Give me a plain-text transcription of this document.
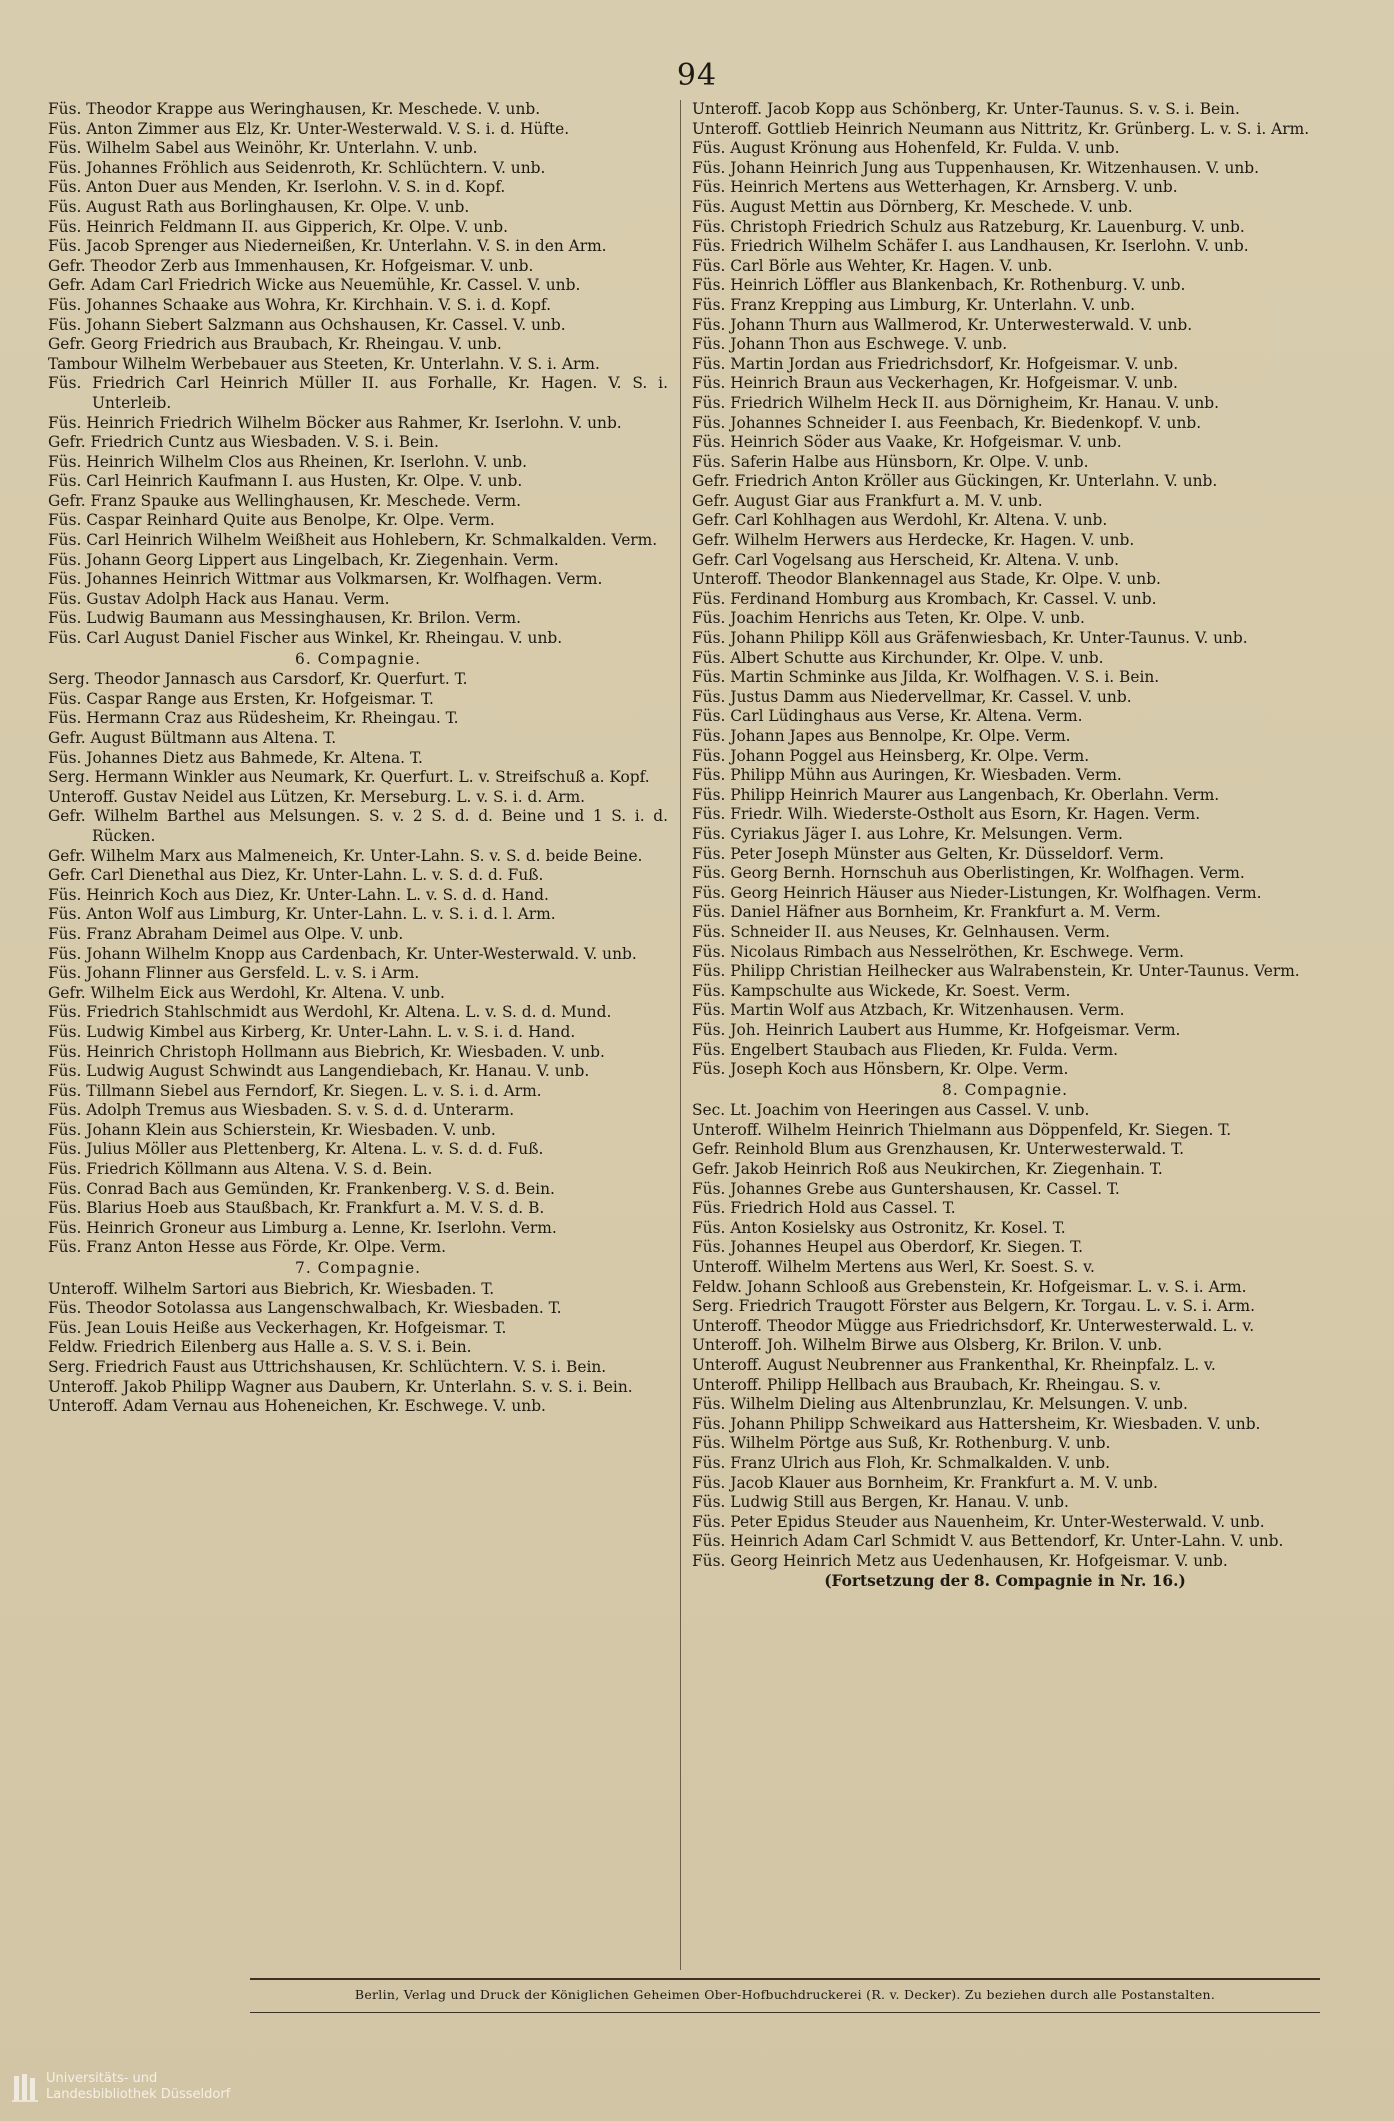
94
Füs. Theodor Krappe aus Weringhausen, Kr. Meschede. V. unb.
Füs. Anton Zimmer aus Elz, Kr. Unter-Westerwald. V. S. i. d. Hüfte.
Füs. Wilhelm Sabel aus Weinöhr, Kr. Unterlahn. V. unb.
Füs. Johannes Fröhlich aus Seidenroth, Kr. Schlüchtern. V. unb.
Füs. Anton Duer aus Menden, Kr. Iserlohn. V. S. in d. Kopf.
Füs. August Rath aus Borlinghausen, Kr. Olpe. V. unb.
Füs. Heinrich Feldmann II. aus Gipperich, Kr. Olpe. V. unb.
Füs. Jacob Sprenger aus Niederneißen, Kr. Unterlahn. V. S. in den Arm.
Gefr. Theodor Zerb aus Immenhausen, Kr. Hofgeismar. V. unb.
Gefr. Adam Carl Friedrich Wicke aus Neuemühle, Kr. Cassel. V. unb.
Füs. Johannes Schaake aus Wohra, Kr. Kirchhain. V. S. i. d. Kopf.
Füs. Johann Siebert Salzmann aus Ochshausen, Kr. Cassel. V. unb.
Gefr. Georg Friedrich aus Braubach, Kr. Rheingau. V. unb.
Tambour Wilhelm Werbebauer aus Steeten, Kr. Unterlahn. V. S. i. Arm.
Füs. Friedrich Carl Heinrich Müller II. aus Forhalle, Kr. Hagen. V. S. i. Unterleib.
Füs. Heinrich Friedrich Wilhelm Böcker aus Rahmer, Kr. Iserlohn. V. unb.
Gefr. Friedrich Cuntz aus Wiesbaden. V. S. i. Bein.
Füs. Heinrich Wilhelm Clos aus Rheinen, Kr. Iserlohn. V. unb.
Füs. Carl Heinrich Kaufmann I. aus Husten, Kr. Olpe. V. unb.
Gefr. Franz Spauke aus Wellinghausen, Kr. Meschede. Verm.
Füs. Caspar Reinhard Quite aus Benolpe, Kr. Olpe. Verm.
Füs. Carl Heinrich Wilhelm Weißheit aus Hohlebern, Kr. Schmalkalden. Verm.
Füs. Johann Georg Lippert aus Lingelbach, Kr. Ziegenhain. Verm.
Füs. Johannes Heinrich Wittmar aus Volkmarsen, Kr. Wolfhagen. Verm.
Füs. Gustav Adolph Hack aus Hanau. Verm.
Füs. Ludwig Baumann aus Messinghausen, Kr. Brilon. Verm.
Füs. Carl August Daniel Fischer aus Winkel, Kr. Rheingau. V. unb.
6. Compagnie.
Serg. Theodor Jannasch aus Carsdorf, Kr. Querfurt. T.
Füs. Caspar Range aus Ersten, Kr. Hofgeismar. T.
Füs. Hermann Craz aus Rüdesheim, Kr. Rheingau. T.
Gefr. August Bültmann aus Altena. T.
Füs. Johannes Dietz aus Bahmede, Kr. Altena. T.
Serg. Hermann Winkler aus Neumark, Kr. Querfurt. L. v. Streifschuß a. Kopf.
Unteroff. Gustav Neidel aus Lützen, Kr. Merseburg. L. v. S. i. d. Arm.
Gefr. Wilhelm Barthel aus Melsungen. S. v. 2 S. d. d. Beine und 1 S. i. d. Rücken.
Gefr. Wilhelm Marx aus Malmeneich, Kr. Unter-Lahn. S. v. S. d. beide Beine.
Gefr. Carl Dienethal aus Diez, Kr. Unter-Lahn. L. v. S. d. d. Fuß.
Füs. Heinrich Koch aus Diez, Kr. Unter-Lahn. L. v. S. d. d. Hand.
Füs. Anton Wolf aus Limburg, Kr. Unter-Lahn. L. v. S. i. d. l. Arm.
Füs. Franz Abraham Deimel aus Olpe. V. unb.
Füs. Johann Wilhelm Knopp aus Cardenbach, Kr. Unter-Westerwald. V. unb.
Füs. Johann Flinner aus Gersfeld. L. v. S. i Arm.
Gefr. Wilhelm Eick aus Werdohl, Kr. Altena. V. unb.
Füs. Friedrich Stahlschmidt aus Werdohl, Kr. Altena. L. v. S. d. d. Mund.
Füs. Ludwig Kimbel aus Kirberg, Kr. Unter-Lahn. L. v. S. i. d. Hand.
Füs. Heinrich Christoph Hollmann aus Biebrich, Kr. Wiesbaden. V. unb.
Füs. Ludwig August Schwindt aus Langendiebach, Kr. Hanau. V. unb.
Füs. Tillmann Siebel aus Ferndorf, Kr. Siegen. L. v. S. i. d. Arm.
Füs. Adolph Tremus aus Wiesbaden. S. v. S. d. d. Unterarm.
Füs. Johann Klein aus Schierstein, Kr. Wiesbaden. V. unb.
Füs. Julius Möller aus Plettenberg, Kr. Altena. L. v. S. d. d. Fuß.
Füs. Friedrich Köllmann aus Altena. V. S. d. Bein.
Füs. Conrad Bach aus Gemünden, Kr. Frankenberg. V. S. d. Bein.
Füs. Blarius Hoeb aus Staußbach, Kr. Frankfurt a. M. V. S. d. B.
Füs. Heinrich Groneur aus Limburg a. Lenne, Kr. Iserlohn. Verm.
Füs. Franz Anton Hesse aus Förde, Kr. Olpe. Verm.
7. Compagnie.
Unteroff. Wilhelm Sartori aus Biebrich, Kr. Wiesbaden. T.
Füs. Theodor Sotolassa aus Langenschwalbach, Kr. Wiesbaden. T.
Füs. Jean Louis Heiße aus Veckerhagen, Kr. Hofgeismar. T.
Feldw. Friedrich Eilenberg aus Halle a. S. V. S. i. Bein.
Serg. Friedrich Faust aus Uttrichshausen, Kr. Schlüchtern. V. S. i. Bein.
Unteroff. Jakob Philipp Wagner aus Daubern, Kr. Unterlahn. S. v. S. i. Bein.
Unteroff. Adam Vernau aus Hoheneichen, Kr. Eschwege. V. unb.
Unteroff. Jacob Kopp aus Schönberg, Kr. Unter-Taunus. S. v. S. i. Bein.
Unteroff. Gottlieb Heinrich Neumann aus Nittritz, Kr. Grünberg. L. v. S. i. Arm.
Füs. August Krönung aus Hohenfeld, Kr. Fulda. V. unb.
Füs. Johann Heinrich Jung aus Tuppenhausen, Kr. Witzenhausen. V. unb.
Füs. Heinrich Mertens aus Wetterhagen, Kr. Arnsberg. V. unb.
Füs. August Mettin aus Dörnberg, Kr. Meschede. V. unb.
Füs. Christoph Friedrich Schulz aus Ratzeburg, Kr. Lauenburg. V. unb.
Füs. Friedrich Wilhelm Schäfer I. aus Landhausen, Kr. Iserlohn. V. unb.
Füs. Carl Börle aus Wehter, Kr. Hagen. V. unb.
Füs. Heinrich Löffler aus Blankenbach, Kr. Rothenburg. V. unb.
Füs. Franz Krepping aus Limburg, Kr. Unterlahn. V. unb.
Füs. Johann Thurn aus Wallmerod, Kr. Unterwesterwald. V. unb.
Füs. Johann Thon aus Eschwege. V. unb.
Füs. Martin Jordan aus Friedrichsdorf, Kr. Hofgeismar. V. unb.
Füs. Heinrich Braun aus Veckerhagen, Kr. Hofgeismar. V. unb.
Füs. Friedrich Wilhelm Heck II. aus Dörnigheim, Kr. Hanau. V. unb.
Füs. Johannes Schneider I. aus Feenbach, Kr. Biedenkopf. V. unb.
Füs. Heinrich Söder aus Vaake, Kr. Hofgeismar. V. unb.
Füs. Saferin Halbe aus Hünsborn, Kr. Olpe. V. unb.
Gefr. Friedrich Anton Kröller aus Gückingen, Kr. Unterlahn. V. unb.
Gefr. August Giar aus Frankfurt a. M. V. unb.
Gefr. Carl Kohlhagen aus Werdohl, Kr. Altena. V. unb.
Gefr. Wilhelm Herwers aus Herdecke, Kr. Hagen. V. unb.
Gefr. Carl Vogelsang aus Herscheid, Kr. Altena. V. unb.
Unteroff. Theodor Blankennagel aus Stade, Kr. Olpe. V. unb.
Füs. Ferdinand Homburg aus Krombach, Kr. Cassel. V. unb.
Füs. Joachim Henrichs aus Teten, Kr. Olpe. V. unb.
Füs. Johann Philipp Köll aus Gräfenwiesbach, Kr. Unter-Taunus. V. unb.
Füs. Albert Schutte aus Kirchunder, Kr. Olpe. V. unb.
Füs. Martin Schminke aus Jilda, Kr. Wolfhagen. V. S. i. Bein.
Füs. Justus Damm aus Niedervellmar, Kr. Cassel. V. unb.
Füs. Carl Lüdinghaus aus Verse, Kr. Altena. Verm.
Füs. Johann Japes aus Bennolpe, Kr. Olpe. Verm.
Füs. Johann Poggel aus Heinsberg, Kr. Olpe. Verm.
Füs. Philipp Mühn aus Auringen, Kr. Wiesbaden. Verm.
Füs. Philipp Heinrich Maurer aus Langenbach, Kr. Oberlahn. Verm.
Füs. Friedr. Wilh. Wiederste-Ostholt aus Esorn, Kr. Hagen. Verm.
Füs. Cyriakus Jäger I. aus Lohre, Kr. Melsungen. Verm.
Füs. Peter Joseph Münster aus Gelten, Kr. Düsseldorf. Verm.
Füs. Georg Bernh. Hornschuh aus Oberlistingen, Kr. Wolfhagen. Verm.
Füs. Georg Heinrich Häuser aus Nieder-Listungen, Kr. Wolfhagen. Verm.
Füs. Daniel Häfner aus Bornheim, Kr. Frankfurt a. M. Verm.
Füs. Schneider II. aus Neuses, Kr. Gelnhausen. Verm.
Füs. Nicolaus Rimbach aus Nesselröthen, Kr. Eschwege. Verm.
Füs. Philipp Christian Heilhecker aus Walrabenstein, Kr. Unter-Taunus. Verm.
Füs. Kampschulte aus Wickede, Kr. Soest. Verm.
Füs. Martin Wolf aus Atzbach, Kr. Witzenhausen. Verm.
Füs. Joh. Heinrich Laubert aus Humme, Kr. Hofgeismar. Verm.
Füs. Engelbert Staubach aus Flieden, Kr. Fulda. Verm.
Füs. Joseph Koch aus Hönsbern, Kr. Olpe. Verm.
8. Compagnie.
Sec. Lt. Joachim von Heeringen aus Cassel. V. unb.
Unteroff. Wilhelm Heinrich Thielmann aus Döppenfeld, Kr. Siegen. T.
Gefr. Reinhold Blum aus Grenzhausen, Kr. Unterwesterwald. T.
Gefr. Jakob Heinrich Roß aus Neukirchen, Kr. Ziegenhain. T.
Füs. Johannes Grebe aus Guntershausen, Kr. Cassel. T.
Füs. Friedrich Hold aus Cassel. T.
Füs. Anton Kosielsky aus Ostronitz, Kr. Kosel. T.
Füs. Johannes Heupel aus Oberdorf, Kr. Siegen. T.
Unteroff. Wilhelm Mertens aus Werl, Kr. Soest. S. v.
Feldw. Johann Schlooß aus Grebenstein, Kr. Hofgeismar. L. v. S. i. Arm.
Serg. Friedrich Traugott Förster aus Belgern, Kr. Torgau. L. v. S. i. Arm.
Unteroff. Theodor Mügge aus Friedrichsdorf, Kr. Unterwesterwald. L. v.
Unteroff. Joh. Wilhelm Birwe aus Olsberg, Kr. Brilon. V. unb.
Unteroff. August Neubrenner aus Frankenthal, Kr. Rheinpfalz. L. v.
Unteroff. Philipp Hellbach aus Braubach, Kr. Rheingau. S. v.
Füs. Wilhelm Dieling aus Altenbrunzlau, Kr. Melsungen. V. unb.
Füs. Johann Philipp Schweikard aus Hattersheim, Kr. Wiesbaden. V. unb.
Füs. Wilhelm Pörtge aus Suß, Kr. Rothenburg. V. unb.
Füs. Franz Ulrich aus Floh, Kr. Schmalkalden. V. unb.
Füs. Jacob Klauer aus Bornheim, Kr. Frankfurt a. M. V. unb.
Füs. Ludwig Still aus Bergen, Kr. Hanau. V. unb.
Füs. Peter Epidus Steuder aus Nauenheim, Kr. Unter-Westerwald. V. unb.
Füs. Heinrich Adam Carl Schmidt V. aus Bettendorf, Kr. Unter-Lahn. V. unb.
Füs. Georg Heinrich Metz aus Uedenhausen, Kr. Hofgeismar. V. unb.
(Fortsetzung der 8. Compagnie in Nr. 16.)
Berlin, Verlag und Druck der Königlichen Geheimen Ober-Hofbuchdruckerei (R. v. Decker). Zu beziehen durch alle Postanstalten.
Universitäts- und
Landesbibliothek Düsseldorf
